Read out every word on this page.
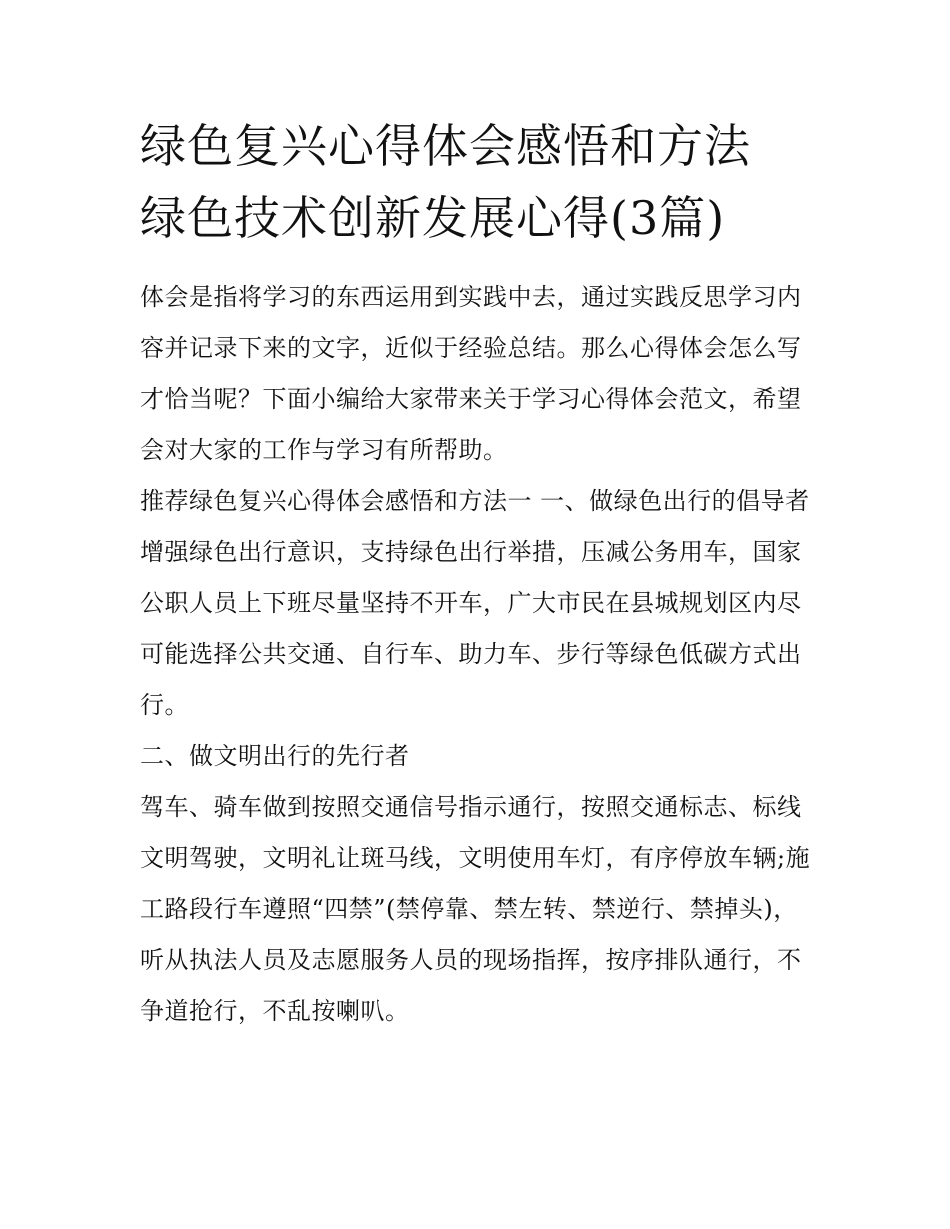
绿色复兴心得体会感悟和方法
绿色技术创新发展心得(3篇)

体会是指将学习的东西运用到实践中去，通过实践反思学习内容并记录下来的文字，近似于经验总结。那么心得体会怎么写才恰当呢？下面小编给大家带来关于学习心得体会范文，希望会对大家的工作与学习有所帮助。

推荐绿色复兴心得体会感悟和方法一 一、做绿色出行的倡导者

增强绿色出行意识，支持绿色出行举措，压减公务用车，国家公职人员上下班尽量坚持不开车，广大市民在县城规划区内尽可能选择公共交通、自行车、助力车、步行等绿色低碳方式出行。

二、做文明出行的先行者

驾车、骑车做到按照交通信号指示通行，按照交通标志、标线文明驾驶，文明礼让斑马线，文明使用车灯，有序停放车辆;施工路段行车遵照“四禁”(禁停靠、禁左转、禁逆行、禁掉头)，听从执法人员及志愿服务人员的现场指挥，按序排队通行，不争道抢行，不乱按喇叭。
